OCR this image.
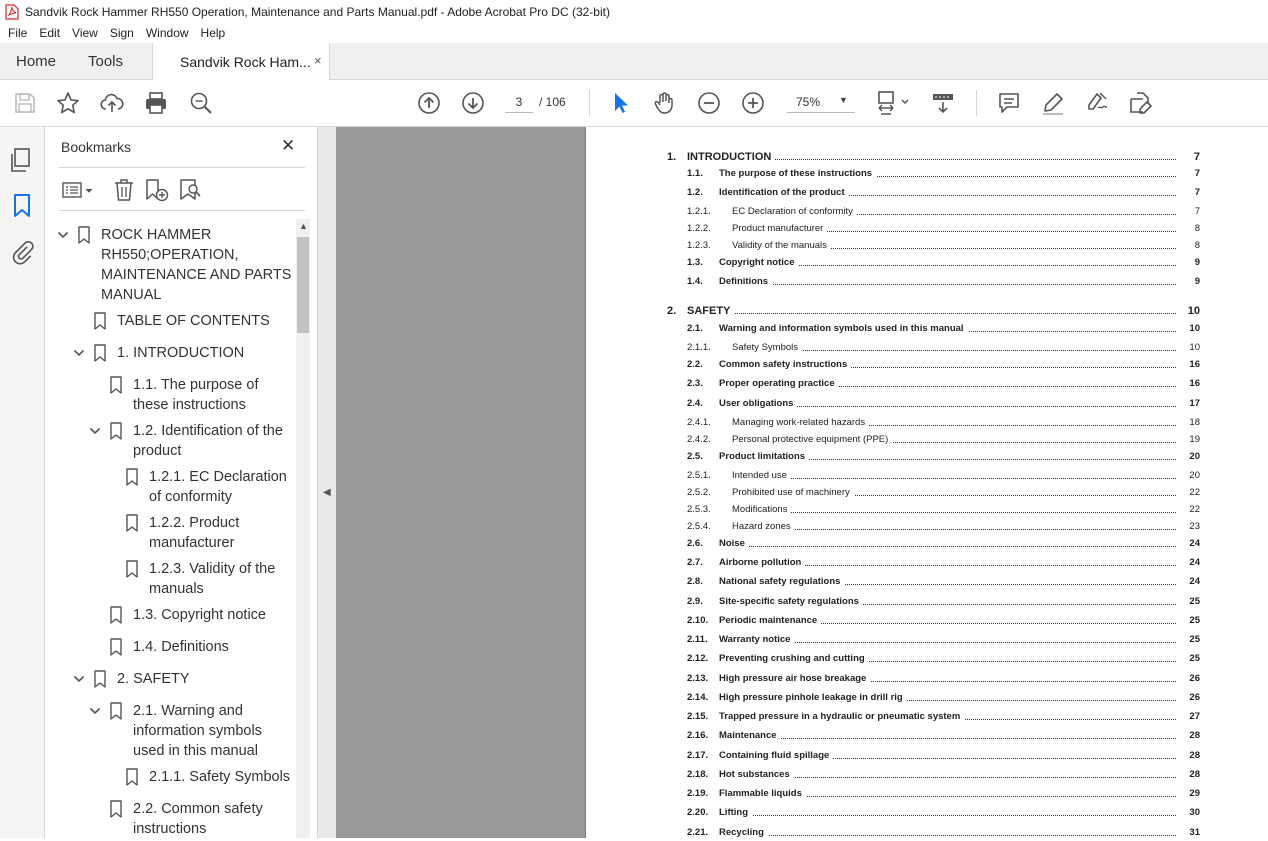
Sandvik Rock Hammer RH550 Operation, Maintenance and Parts Manual.pdf - Adobe Acrobat Pro DC (32-bit)
File	Edit	View	Sign	Window	Help
Home Tools	Sandvik Rock Ham... ×
3
/ 106	75% ▼
Bookmarks	✕
ROCK HAMMER
RH550;OPERATION,
MAINTENANCE AND PARTS
MANUAL
TABLE OF CONTENTS
1. INTRODUCTION
1.1. The purpose of
these instructions
1.2. Identification of the
product
1.2.1. EC Declaration
of conformity
1.2.2. Product
manufacturer
1.2.3. Validity of the
manuals
1.3. Copyright notice
1.4. Definitions
2. SAFETY
2.1. Warning and
information symbols
used in this manual
2.1.1. Safety Symbols
2.2. Common safety
instructions
▲
◀
1. INTRODUCTION	7
1.1. The purpose of these instructions	7
1.2. Identification of the product	7
1.2.1. EC Declaration of conformity	7
1.2.2. Product manufacturer	8
1.2.3. Validity of the manuals	8
1.3. Copyright notice	9
1.4. Definitions	9
2. SAFETY	10
2.1. Warning and information symbols used in this manual	10
2.1.1. Safety Symbols	10
2.2. Common safety instructions	16
2.3. Proper operating practice	16
2.4. User obligations	17
2.4.1. Managing work-related hazards	18
2.4.2. Personal protective equipment (PPE)	19
2.5. Product limitations	20
2.5.1. Intended use	20
2.5.2. Prohibited use of machinery	22
2.5.3. Modifications	22
2.5.4. Hazard zones	23
2.6. Noise	24
2.7. Airborne pollution	24
2.8. National safety regulations	24
2.9. Site-specific safety regulations	25
2.10. Periodic maintenance	25
2.11. Warranty notice	25
2.12. Preventing crushing and cutting	25
2.13. High pressure air hose breakage	26
2.14. High pressure pinhole leakage in drill rig	26
2.15. Trapped pressure in a hydraulic or pneumatic system	27
2.16. Maintenance	28
2.17. Containing fluid spillage	28
2.18. Hot substances	28
2.19. Flammable liquids	29
2.20. Lifting	30
2.21. Recycling	31
